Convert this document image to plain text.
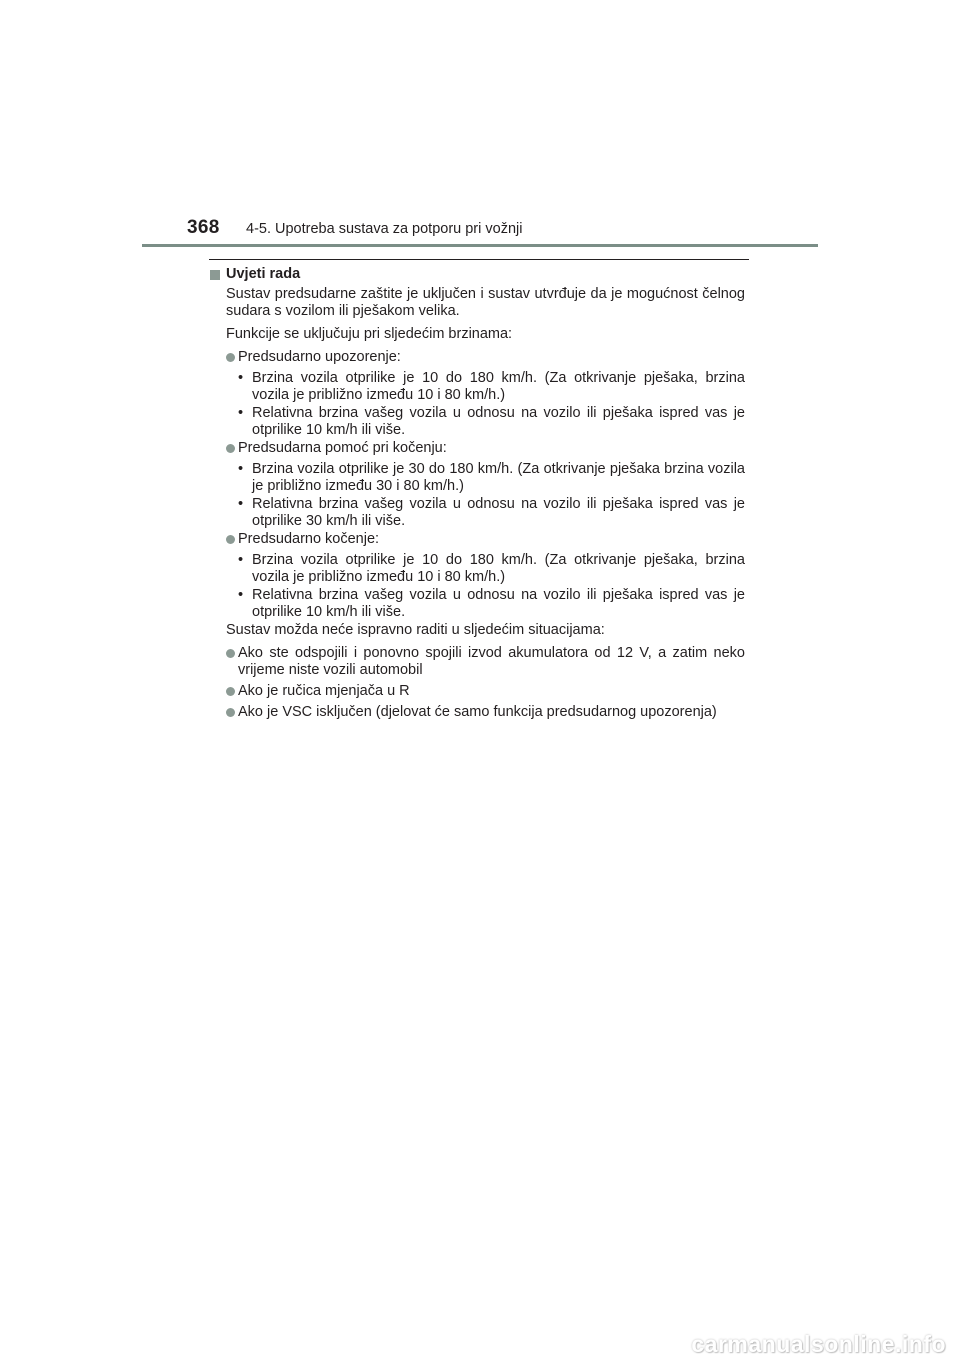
368 4-5. Upotreba sustava za potporu pri vožnji
Uvjeti rada
Sustav predsudarne zaštite je uključen i sustav utvrđuje da je mogućnost čelnog sudara s vozilom ili pješakom velika.
Funkcije se uključuju pri sljedećim brzinama:
Predsudarno upozorenje:
• Brzina vozila otprilike je 10 do 180 km/h. (Za otkrivanje pješaka, brzina vozila je približno između 10 i 80 km/h.)
• Relativna brzina vašeg vozila u odnosu na vozilo ili pješaka ispred vas je otprilike 10 km/h ili više.
Predsudarna pomoć pri kočenju:
• Brzina vozila otprilike je 30 do 180 km/h. (Za otkrivanje pješaka brzina vozila je približno između 30 i 80 km/h.)
• Relativna brzina vašeg vozila u odnosu na vozilo ili pješaka ispred vas je otprilike 30 km/h ili više.
Predsudarno kočenje:
• Brzina vozila otprilike je 10 do 180 km/h. (Za otkrivanje pješaka, brzina vozila je približno između 10 i 80 km/h.)
• Relativna brzina vašeg vozila u odnosu na vozilo ili pješaka ispred vas je otprilike 10 km/h ili više.
Sustav možda neće ispravno raditi u sljedećim situacijama:
Ako ste odspojili i ponovno spojili izvod akumulatora od 12 V, a zatim neko vrijeme niste vozili automobil
Ako je ručica mjenjača u R
Ako je VSC isključen (djelovat će samo funkcija predsudarnog upozorenja)
carmanualsonline.info
